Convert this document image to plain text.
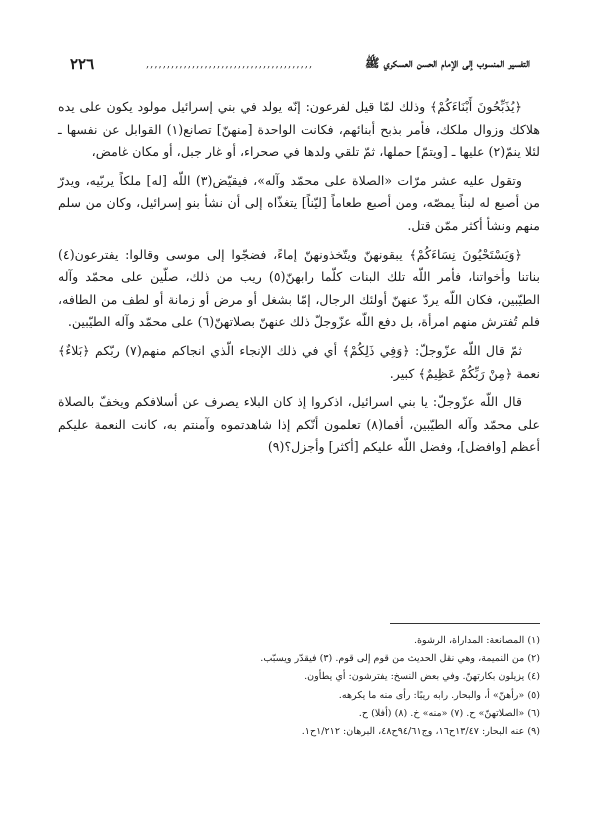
٢٢٦	,,,,,,,,,,,,,,,,,,,,,,,,,,,,,,,,,,,,,,,,	التفسير المنسوب إلى الإمام الحسن العسكري ﷺ

﴿يُذَبِّحُونَ أَبْنَاءَكُمْ﴾ وذلك لمّا قيل لفرعون: إنّه يولد في بني إسرائيل مولود يكون على يده هلاكك وزوال ملكك، فأمر بذبح أبنائهم، فكانت الواحدة [منهنّ] تصانع(١) القوابل عن نفسها ـ لئلا ينمّ(٢) عليها ـ [ويتمّ] حملها، ثمّ تلقي ولدها في صحراء، أو غار جبل، أو مكان غامض،

وتقول عليه عشر مرّات «الصلاة على محمّد وآله»، فيقيّض(٣) اللّه [له] ملكاً يربّيه، ويدرّ من أصبع له لبناً يمصّه، ومن أصبع طعاماً [ليّناً] يتغذّاه إلى أن نشأ بنو إسرائيل، وكان من سلم منهم ونشأ أكثر ممّن قتل.

﴿وَيَسْتَحْيُونَ نِسَاءَكُمْ﴾ يبقونهنّ ويتّخذونهنّ إماءً، فضجّوا إلى موسى وقالوا: يفترعون(٤) بناتنا وأخواتنا، فأمر اللّه تلك البنات كلّما رابهنّ(٥) ريب من ذلك، صلّين على محمّد وآله الطيّبين، فكان اللّه يردّ عنهنّ أولئك الرجال، إمّا بشغل أو مرض أو زمانة أو لطف من الطافه، فلم تُفترش منهم امرأة، بل دفع اللّه عزّوجلّ ذلك عنهنّ بصلاتهنّ(٦) على محمّد وآله الطيّبين.

ثمّ قال اللّه عزّوجلّ: ﴿وَفِي ذَلِكُمْ﴾ أي في ذلك الإنجاء الّذي انجاكم منهم(٧) ربّكم ﴿بَلاءٌ﴾ نعمة ﴿مِنْ رَبِّكُمْ عَظِيمٌ﴾ كبير.

قال اللّه عزّوجلّ: يا بني اسرائيل، اذكروا إذ كان البلاء يصرف عن أسلافكم ويخفّ بالصلاة على محمّد وآله الطيّبين، أفما(٨) تعلمون أنّكم إذا شاهدتموه وآمنتم به، كانت النعمة عليكم أعظم [وافضل]، وفضل اللّه عليكم [أكثر] وأجزل؟(٩)

(١) المصانعة: المداراة، الرشوة.

(٢) من النميمة، وهي نقل الحديث من قوم إلى قوم. (٣) فيقدّر ويسبّب.

(٤) يزيلون بكارتهنّ. وفي بعض النسخ: يفترشون: أي يطأون.

(٥) «رأهنّ» أ، والبحار. رابه ريبًا: رأى منه ما يكرهه.

(٦) «الصلاتهنّ» ح. (٧) «منه» خ. (٨) (أفلا) ح.

(٩) عنه البحار: ١٣/٤٧ح١٦، وج٩٤/٦١ح٤٨، البرهان: ١/٢١٢ح١.
